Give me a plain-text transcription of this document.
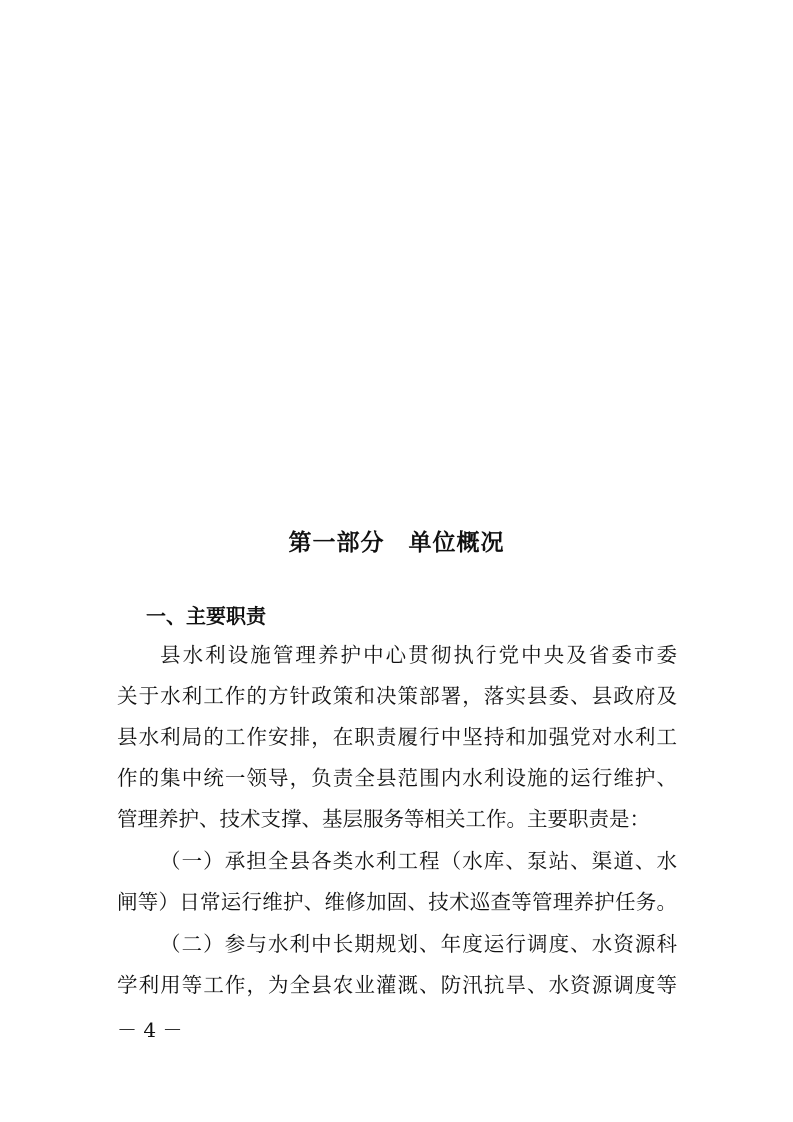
第一部分　单位概况
一、主要职责
县水利设施管理养护中心贯彻执行党中央及省委市委
关于水利工作的方针政策和决策部署，落实县委、县政府及
县水利局的工作安排，在职责履行中坚持和加强党对水利工
作的集中统一领导，负责全县范围内水利设施的运行维护、
管理养护、技术支撑、基层服务等相关工作。主要职责是：
（一）承担全县各类水利工程（水库、泵站、渠道、水
闸等）日常运行维护、维修加固、技术巡查等管理养护任务。
（二）参与水利中长期规划、年度运行调度、水资源科
学利用等工作，为全县农业灌溉、防汛抗旱、水资源调度等
－ 4 －
